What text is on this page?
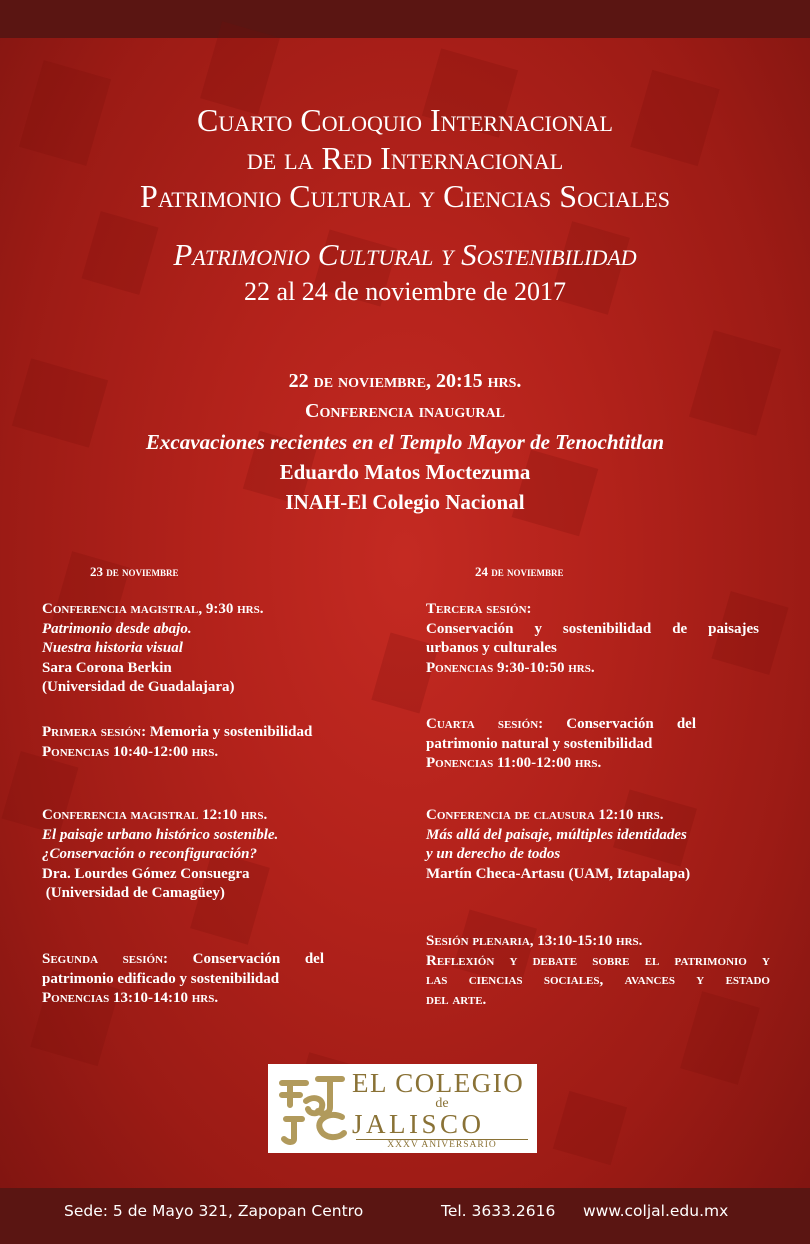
Cuarto Coloquio Internacional
de la Red Internacional
Patrimonio Cultural y Ciencias Sociales
Patrimonio Cultural y Sostenibilidad
22 al 24 de noviembre de 2017
22 de noviembre, 20:15 hrs.
Conferencia inaugural
Excavaciones recientes en el Templo Mayor de Tenochtitlan
Eduardo Matos Moctezuma
INAH-El Colegio Nacional
23 de noviembre	24 de noviembre
Conferencia magistral, 9:30 hrs.
Patrimonio desde abajo.
Nuestra historia visual
Sara Corona Berkin
(Universidad de Guadalajara)
Primera sesión: Memoria y sostenibilidad
Ponencias 10:40-12:00 hrs.
Conferencia magistral 12:10 hrs.
El paisaje urbano histórico sostenible.
¿Conservación o reconfiguración?
Dra. Lourdes Gómez Consuegra
(Universidad de Camagüey)
Segunda sesión: Conservación del
patrimonio edificado y sostenibilidad
Ponencias 13:10-14:10 hrs.
Tercera sesión:
Conservación y sostenibilidad de paisajes
urbanos y culturales
Ponencias 9:30-10:50 hrs.
Cuarta sesión: Conservación del
patrimonio natural y sostenibilidad
Ponencias 11:00-12:00 hrs.
Conferencia de clausura 12:10 hrs.
Más allá del paisaje, múltiples identidades
y un derecho de todos
Martín Checa-Artasu (UAM, Iztapalapa)
Sesión plenaria, 13:10-15:10 hrs.
Reflexión y debate sobre el patrimonio y
las ciencias sociales, avances y estado
del arte.
EL COLEGIO
de
JALISCO
XXXV ANIVERSARIO
Sede: 5 de Mayo 321, Zapopan Centro	Tel. 3633.2616 www.coljal.edu.mx
